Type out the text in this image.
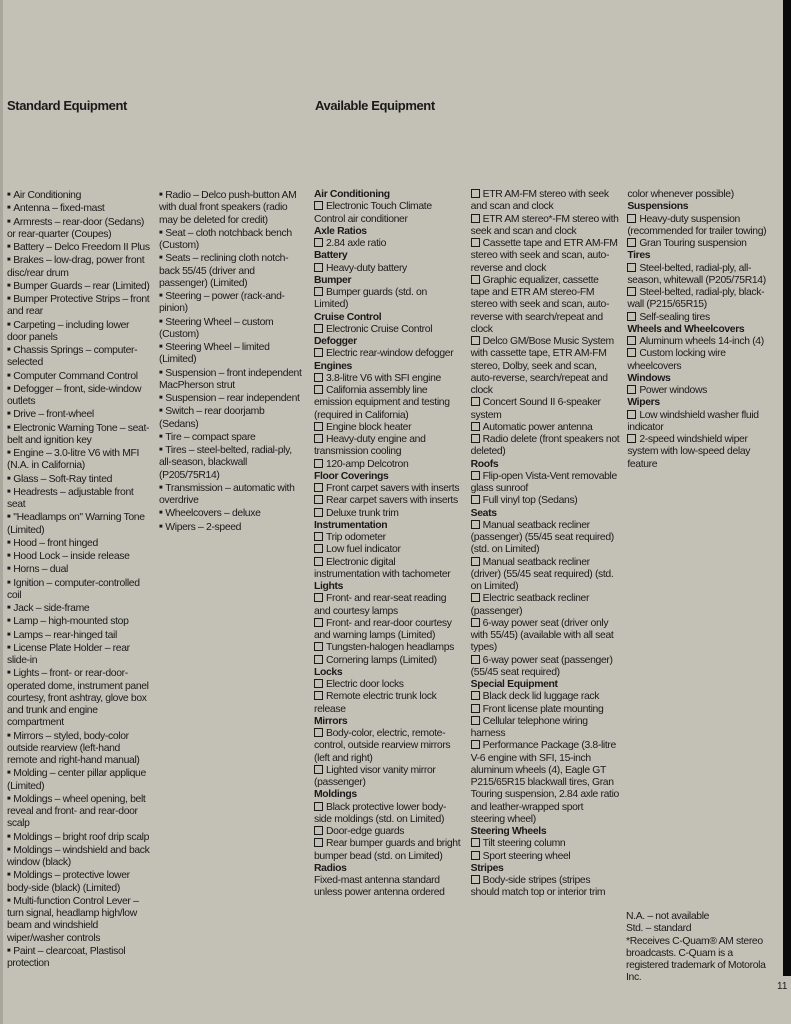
Standard Equipment	Available Equipment

■ Air Conditioning

■ Antenna – fixed-mast

■ Armrests – rear-door (Sedans) or rear-quarter (Coupes)

■ Battery – Delco Freedom II Plus

■ Brakes – low-drag, power front disc/rear drum

■ Bumper Guards – rear (Limited)

■ Bumper Protective Strips – front and rear

■ Carpeting – including lower door panels

■ Chassis Springs – computer-selected

■ Computer Command Control

■ Defogger – front, side-window outlets

■ Drive – front-wheel

■ Electronic Warning Tone – seat-belt and ignition key

■ Engine – 3.0-litre V6 with MFI (N.A. in California)

■ Glass – Soft-Ray tinted

■ Headrests – adjustable front seat

■ "Headlamps on" Warning Tone (Limited)

■ Hood – front hinged

■ Hood Lock – inside release

■ Horns – dual

■ Ignition – computer-controlled coil

■ Jack – side-frame

■ Lamp – high-mounted stop

■ Lamps – rear-hinged tail

■ License Plate Holder – rear slide-in

■ Lights – front- or rear-door-operated dome, instrument panel courtesy, front ashtray, glove box and trunk and engine compartment

■ Mirrors – styled, body-color outside rearview (left-hand remote and right-hand manual)

■ Molding – center pillar applique (Limited)

■ Moldings – wheel opening, belt reveal and front- and rear-door scalp

■ Moldings – bright roof drip scalp

■ Moldings – windshield and back window (black)

■ Moldings – protective lower body-side (black) (Limited)

■ Multi-function Control Lever – turn signal, headlamp high/low beam and windshield wiper/washer controls

■ Paint – clearcoat, Plastisol protection

■ Radio – Delco push-button AM with dual front speakers (radio may be deleted for credit)

■ Seat – cloth notchback bench (Custom)

■ Seats – reclining cloth notch-back 55/45 (driver and passenger) (Limited)

■ Steering – power (rack-and-pinion)

■ Steering Wheel – custom (Custom)

■ Steering Wheel – limited (Limited)

■ Suspension – front independent MacPherson strut

■ Suspension – rear independent

■ Switch – rear doorjamb (Sedans)

■ Tire – compact spare

■ Tires – steel-belted, radial-ply, all-season, blackwall (P205/75R14)

■ Transmission – automatic with overdrive

■ Wheelcovers – deluxe

■ Wipers – 2-speed

Air Conditioning

Electronic Touch Climate Control air conditioner

Axle Ratios

2.84 axle ratio

Battery

Heavy-duty battery

Bumper

Bumper guards (std. on Limited)

Cruise Control

Electronic Cruise Control

Defogger

Electric rear-window defogger

Engines

3.8-litre V6 with SFI engine

California assembly line emission equipment and testing (required in California)

Engine block heater

Heavy-duty engine and transmission cooling

120-amp Delcotron

Floor Coverings

Front carpet savers with inserts

Rear carpet savers with inserts

Deluxe trunk trim

Instrumentation

Trip odometer

Low fuel indicator

Electronic digital instrumentation with tachometer

Lights

Front- and rear-seat reading and courtesy lamps

Front- and rear-door courtesy and warning lamps (Limited)

Tungsten-halogen headlamps

Cornering lamps (Limited)

Locks

Electric door locks

Remote electric trunk lock release

Mirrors

Body-color, electric, remote-control, outside rearview mirrors (left and right)

Lighted visor vanity mirror (passenger)

Moldings

Black protective lower body-side moldings (std. on Limited)

Door-edge guards

Rear bumper guards and bright bumper bead (std. on Limited)

Radios

Fixed-mast antenna standard unless power antenna ordered

ETR AM-FM stereo with seek and scan and clock

ETR AM stereo*-FM stereo with seek and scan and clock

Cassette tape and ETR AM-FM stereo with seek and scan, auto-reverse and clock

Graphic equalizer, cassette tape and ETR AM stereo-FM stereo with seek and scan, auto-reverse with search/repeat and clock

Delco GM/Bose Music System with cassette tape, ETR AM-FM stereo, Dolby, seek and scan, auto-reverse, search/repeat and clock

Concert Sound II 6-speaker system

Automatic power antenna

Radio delete (front speakers not deleted)

Roofs

Flip-open Vista-Vent removable glass sunroof

Full vinyl top (Sedans)

Seats

Manual seatback recliner (passenger) (55/45 seat required) (std. on Limited)

Manual seatback recliner (driver) (55/45 seat required) (std. on Limited)

Electric seatback recliner (passenger)

6-way power seat (driver only with 55/45) (available with all seat types)

6-way power seat (passenger) (55/45 seat required)

Special Equipment

Black deck lid luggage rack

Front license plate mounting

Cellular telephone wiring harness

Performance Package (3.8-litre V-6 engine with SFI, 15-inch aluminum wheels (4), Eagle GT P215/65R15 blackwall tires, Gran Touring suspension, 2.84 axle ratio and leather-wrapped sport steering wheel)

Steering Wheels

Tilt steering column

Sport steering wheel

Stripes

Body-side stripes (stripes should match top or interior trim color whenever possible)

Suspensions

Heavy-duty suspension (recommended for trailer towing)

Gran Touring suspension

Tires

Steel-belted, radial-ply, all-season, whitewall (P205/75R14)

Steel-belted, radial-ply, black-wall (P215/65R15)

Self-sealing tires

Wheels and Wheelcovers

Aluminum wheels 14-inch (4)

Custom locking wire wheelcovers

Windows

Power windows

Wipers

Low windshield washer fluid indicator

2-speed windshield wiper system with low-speed delay feature

N.A. – not available
Std. – standard
*Receives C-Quam® AM stereo broadcasts. C-Quam is a registered trademark of Motorola Inc.
11
